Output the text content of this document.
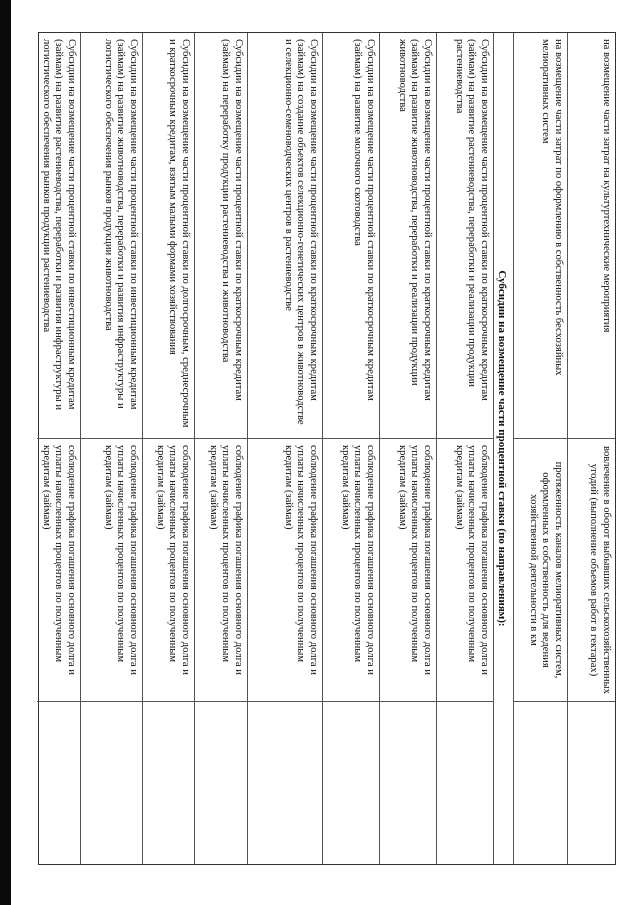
на возмещение части затрат на культуртехнические мероприятия
вовлечение в оборот выбывших сельскохозяйственных угодий (выполнение объемов работ в гектарах)
на возмещение части затрат по оформлению в собственность бесхозяйных мелиоративных систем
протяженность каналов мелиоративных систем, оформленных в собственность для ведения хозяйственной деятельности в км
Субсидии на возмещение части процентной ставки (по направлениям):
Субсидии на возмещение части процентной ставки по краткосрочным кредитам (займам) на развитие растениеводства, переработки и реализации продукции растениеводства
соблюдение графика погашения основного долга и уплаты начисленных процентов по полученным кредитам (займам)
Субсидии на возмещение части процентной ставки по краткосрочным кредитам (займам) на развитие животноводства, переработки и реализации продукции животноводства
соблюдение графика погашения основного долга и уплаты начисленных процентов по полученным кредитам (займам)
Субсидии на возмещение части процентной ставки по краткосрочным кредитам (займам) на развитие молочного скотоводства
соблюдение графика погашения основного долга и уплаты начисленных процентов по полученным кредитам (займам)
Субсидии на возмещение части процентной ставки по краткосрочным кредитам (займам) на создание объектов селекционно-генетических центров в животноводстве и селекционно-семеноводческих центров в растениеводстве
соблюдение графика погашения основного долга и уплаты начисленных процентов по полученным кредитам (займам)
Субсидии на возмещение части процентной ставки по краткосрочным кредитам (займам) на переработку продукции растениеводства и животноводства
соблюдение графика погашения основного долга и уплаты начисленных процентов по полученным кредитам (займам)
Субсидии на возмещение части процентной ставки по долгосрочным, среднесрочным и краткосрочным кредитам, взятым малыми формами хозяйствования
соблюдение графика погашения основного долга и уплаты начисленных процентов по полученным кредитам (займам)
Субсидии на возмещение части процентной ставки по инвестиционным кредитам (займам) на развитие животноводства, переработки и развития инфраструктуры и логистического обеспечения рынков продукции животноводства
соблюдение графика погашения основного долга и уплаты начисленных процентов по полученным кредитам (займам)
Субсидии на возмещение части процентной ставки по инвестиционным кредитам (займам) на развитие растениеводства, переработки и развития инфраструктуры и логистического обеспечения рынков продукции растениеводства
соблюдение графика погашения основного долга и уплаты начисленных процентов по полученным кредитам (займам)
